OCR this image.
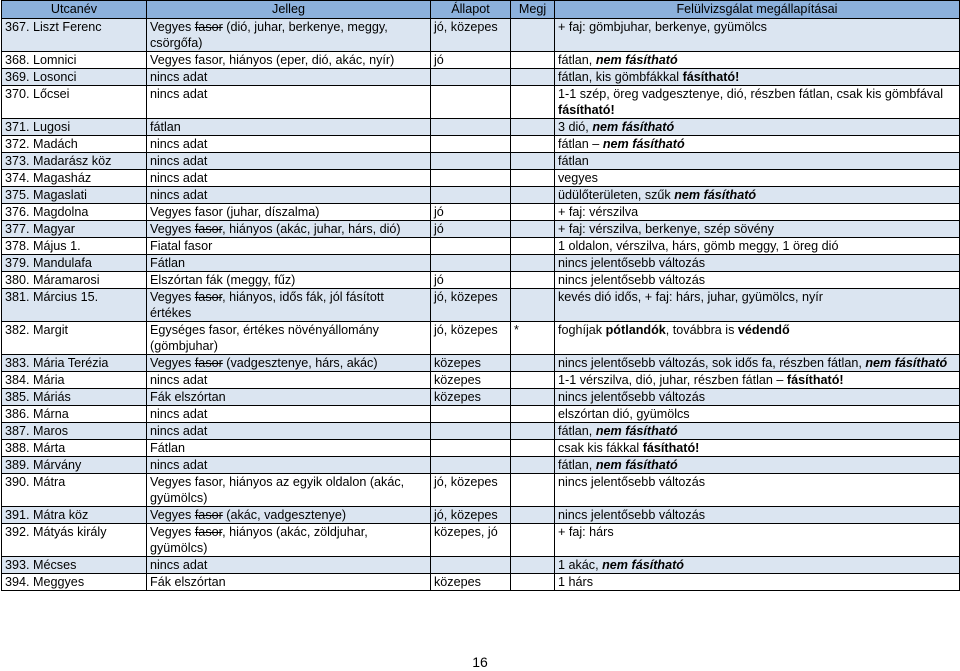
Utcanév	Jelleg	Állapot	Megj	Felülvizsgálat megállapításai
367. Liszt Ferenc	Vegyes fasor (dió, juhar, berkenye, meggy, csörgőfa)	jó, közepes		+ faj: gömbjuhar, berkenye, gyümölcs
368. Lomnici	Vegyes fasor, hiányos (eper, dió, akác, nyír)	jó		fátlan, nem fásítható
369. Losonci	nincs adat			fátlan, kis gömbfákkal fásítható!
370. Lőcsei	nincs adat			1-1 szép, öreg vadgesztenye, dió, részben fátlan, csak kis gömbfával fásítható!
371. Lugosi	fátlan			3 dió, nem fásítható
372. Madách	nincs adat			fátlan – nem fásítható
373. Madarász köz	nincs adat			fátlan
374. Magasház	nincs adat			vegyes
375. Magaslati	nincs adat			üdülőterületen, szűk nem fásítható
376. Magdolna	Vegyes fasor (juhar, díszalma)	jó		+ faj: vérszilva
377. Magyar	Vegyes fasor, hiányos (akác, juhar, hárs, dió)	jó		+ faj: vérszilva, berkenye, szép sövény
378. Május 1.	Fiatal fasor			1 oldalon, vérszilva, hárs, gömb meggy, 1 öreg dió
379. Mandulafa	Fátlan			nincs jelentősebb változás
380. Máramarosi	Elszórtan fák (meggy, fűz)	jó		nincs jelentősebb változás
381. Március 15.	Vegyes fasor, hiányos, idős fák, jól fásított értékes	jó, közepes		kevés dió idős, + faj: hárs, juhar, gyümölcs, nyír
382. Margit	Egységes fasor, értékes növényállomány (gömbjuhar)	jó, közepes	*	foghíjak pótlandók, továbbra is védendő
383. Mária Terézia	Vegyes fasor (vadgesztenye, hárs, akác)	közepes		nincs jelentősebb változás, sok idős fa, részben fátlan, nem fásítható
384. Mária	nincs adat	közepes		1-1 vérszilva, dió, juhar, részben fátlan – fásítható!
385. Máriás	Fák elszórtan	közepes		nincs jelentősebb változás
386. Márna	nincs adat			elszórtan dió, gyümölcs
387. Maros	nincs adat			fátlan, nem fásítható
388. Márta	Fátlan			csak kis fákkal fásítható!
389. Márvány	nincs adat			fátlan, nem fásítható
390. Mátra	Vegyes fasor, hiányos az egyik oldalon (akác, gyümölcs)	jó, közepes		nincs jelentősebb változás
391. Mátra köz	Vegyes fasor (akác, vadgesztenye)	jó, közepes		nincs jelentősebb változás
392. Mátyás király	Vegyes fasor, hiányos (akác, zöldjuhar, gyümölcs)	közepes, jó		+ faj: hárs
393. Mécses	nincs adat			1 akác, nem fásítható
394. Meggyes	Fák elszórtan	közepes		1 hárs
16
